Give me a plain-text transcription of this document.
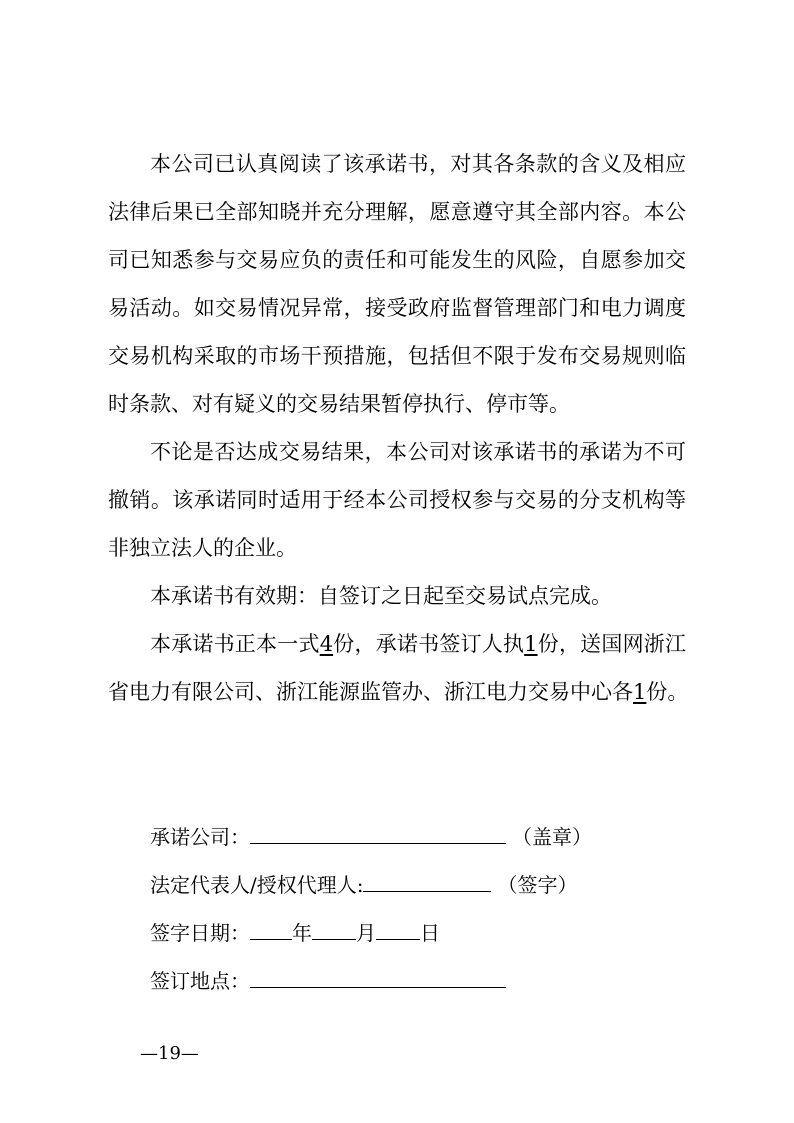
本公司已认真阅读了该承诺书，对其各条款的含义及相应
法律后果已全部知晓并充分理解，愿意遵守其全部内容。本公
司已知悉参与交易应负的责任和可能发生的风险，自愿参加交
易活动。如交易情况异常，接受政府监督管理部门和电力调度
交易机构采取的市场干预措施，包括但不限于发布交易规则临
时条款、对有疑义的交易结果暂停执行、停市等。
不论是否达成交易结果，本公司对该承诺书的承诺为不可
撤销。该承诺同时适用于经本公司授权参与交易的分支机构等
非独立法人的企业。
本承诺书有效期：自签订之日起至交易试点完成。
本承诺书正本一式4份，承诺书签订人执1份，送国网浙江
省电力有限公司、浙江能源监管办、浙江电力交易中心各1份。
承诺公司：	（盖章）
法定代表人/授权代理人:	（签字）
签字日期： 年 月 日
签订地点：
—19—
